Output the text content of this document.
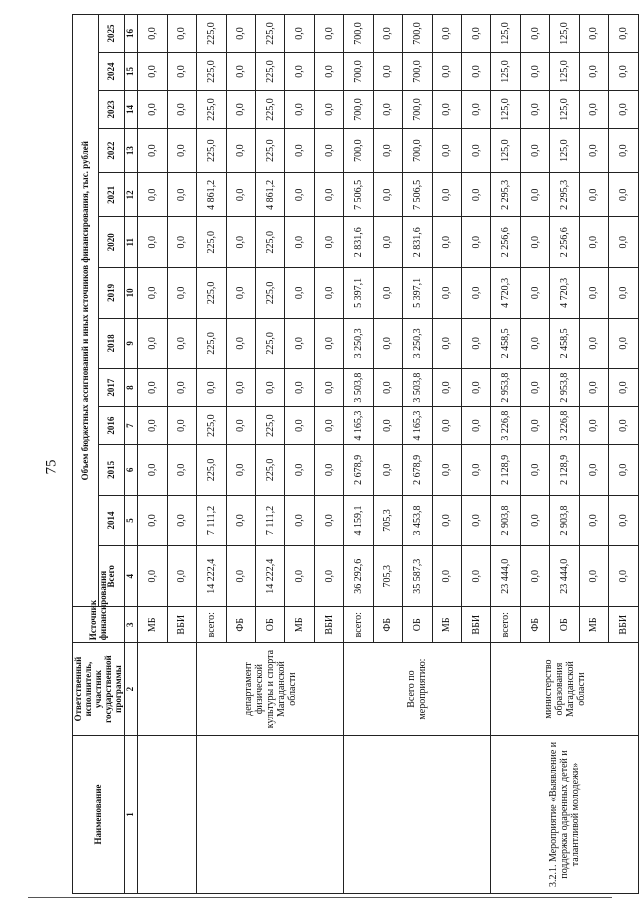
75
Наименование	Ответственный исполнитель, участник государственной программы	Источник финансирования	Объем бюджетных ассигнований и иных источников финансирования, тыс. рублей												
			Всего	2014	2015	2016	2017	2018	2019	2020	2021	2022	2023	2024	2025
1	2	3	4	5	6	7	8	9	10	11	12	13	14	15	16
		МБ	0,0	0,0	0,0	0,0	0,0	0,0	0,0	0,0	0,0	0,0	0,0	0,0	0,0
		ВБИ	0,0	0,0	0,0	0,0	0,0	0,0	0,0	0,0	0,0	0,0	0,0	0,0	0,0
	департамент физической культуры и спорта Магаданской области	всего:	14 222,4	7 111,2	225,0	225,0	0,0	225,0	225,0	225,0	4 861,2	225,0	225,0	225,0	225,0
		ФБ	0,0	0,0	0,0	0,0	0,0	0,0	0,0	0,0	0,0	0,0	0,0	0,0	0,0
		ОБ	14 222,4	7 111,2	225,0	225,0	0,0	225,0	225,0	225,0	4 861,2	225,0	225,0	225,0	225,0
		МБ	0,0	0,0	0,0	0,0	0,0	0,0	0,0	0,0	0,0	0,0	0,0	0,0	0,0
		ВБИ	0,0	0,0	0,0	0,0	0,0	0,0	0,0	0,0	0,0	0,0	0,0	0,0	0,0
	Всего по мероприятию:	всего:	36 292,6	4 159,1	2 678,9	4 165,3	3 503,8	3 250,3	5 397,1	2 831,6	7 506,5	700,0	700,0	700,0	700,0
		ФБ	705,3	705,3	0,0	0,0	0,0	0,0	0,0	0,0	0,0	0,0	0,0	0,0	0,0
		ОБ	35 587,3	3 453,8	2 678,9	4 165,3	3 503,8	3 250,3	5 397,1	2 831,6	7 506,5	700,0	700,0	700,0	700,0
		МБ	0,0	0,0	0,0	0,0	0,0	0,0	0,0	0,0	0,0	0,0	0,0	0,0	0,0
		ВБИ	0,0	0,0	0,0	0,0	0,0	0,0	0,0	0,0	0,0	0,0	0,0	0,0	0,0
3.2.1. Мероприятие «Выявление и поддержка одаренных детей и талантливой молодежи»	министерство образования Магаданской области	всего:	23 444,0	2 903,8	2 128,9	3 226,8	2 953,8	2 458,5	4 720,3	2 256,6	2 295,3	125,0	125,0	125,0	125,0
		ФБ	0,0	0,0	0,0	0,0	0,0	0,0	0,0	0,0	0,0	0,0	0,0	0,0	0,0
		ОБ	23 444,0	2 903,8	2 128,9	3 226,8	2 953,8	2 458,5	4 720,3	2 256,6	2 295,3	125,0	125,0	125,0	125,0
		МБ	0,0	0,0	0,0	0,0	0,0	0,0	0,0	0,0	0,0	0,0	0,0	0,0	0,0
		ВБИ	0,0	0,0	0,0	0,0	0,0	0,0	0,0	0,0	0,0	0,0	0,0	0,0	0,0
